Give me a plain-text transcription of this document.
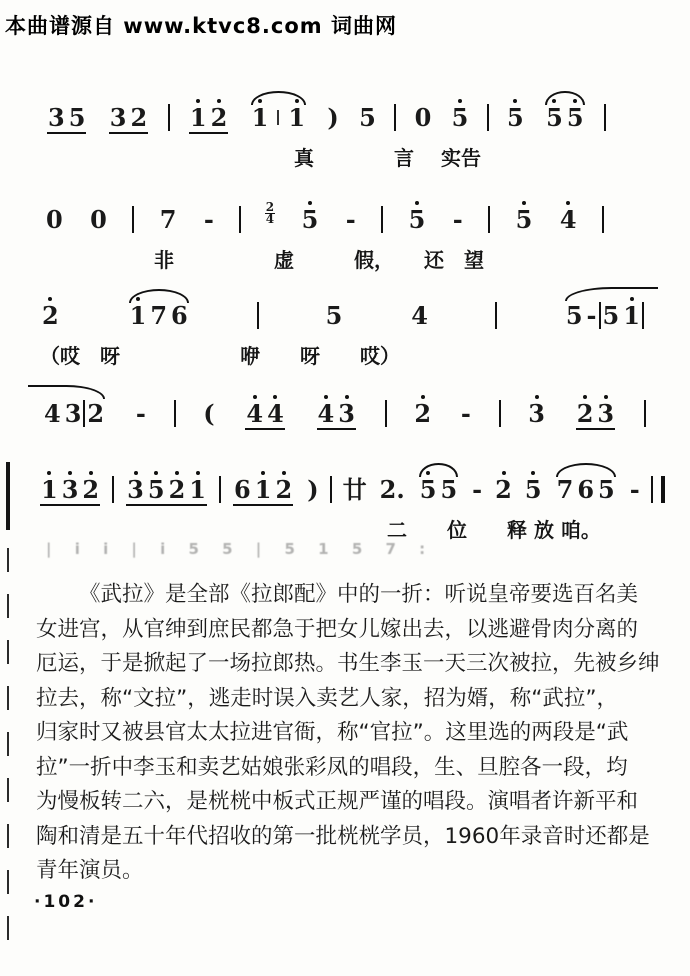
本曲谱源自 www.ktvc8.com 词曲网
3 5 3 2 1 2 1 1 ) 5 0 5 5 5 5
真　　　　言　 实告
0 0 7 -	$\frac{2}{4} 5 - 5 - 5$ 4
非　　　　　虚　　　假，　　还　望
2	1 7 6	5	4	5 - 5 1
（哎　呀　　　　　　咿　　呀　　哎）
4 3 2 - ( 4 4 4 3 2 - 3 2 3
1 3 2 3 5 2 1 6 1 2 ) 廿 2. 5 5 - 2 5 7 6 5 -
二　　位　　释 放 咱。
| i i | i 5 5 | 5 1 5 7 :
《武拉》是全部《拉郎配》中的一折：听说皇帝要选百名美
女进宫，从官绅到庶民都急于把女儿嫁出去，以逃避骨肉分离的
厄运，于是掀起了一场拉郎热。书生李玉一天三次被拉，先被乡绅
拉去，称“文拉”，逃走时误入卖艺人家，招为婿，称“武拉”，
归家时又被县官太太拉进官衙，称“官拉”。这里选的两段是“武
拉”一折中李玉和卖艺姑娘张彩凤的唱段，生、旦腔各一段，均
为慢板转二六，是桄桄中板式正规严谨的唱段。演唱者许新平和
陶和清是五十年代招收的第一批桄桄学员，1960年录音时还都是
青年演员。
·102·
